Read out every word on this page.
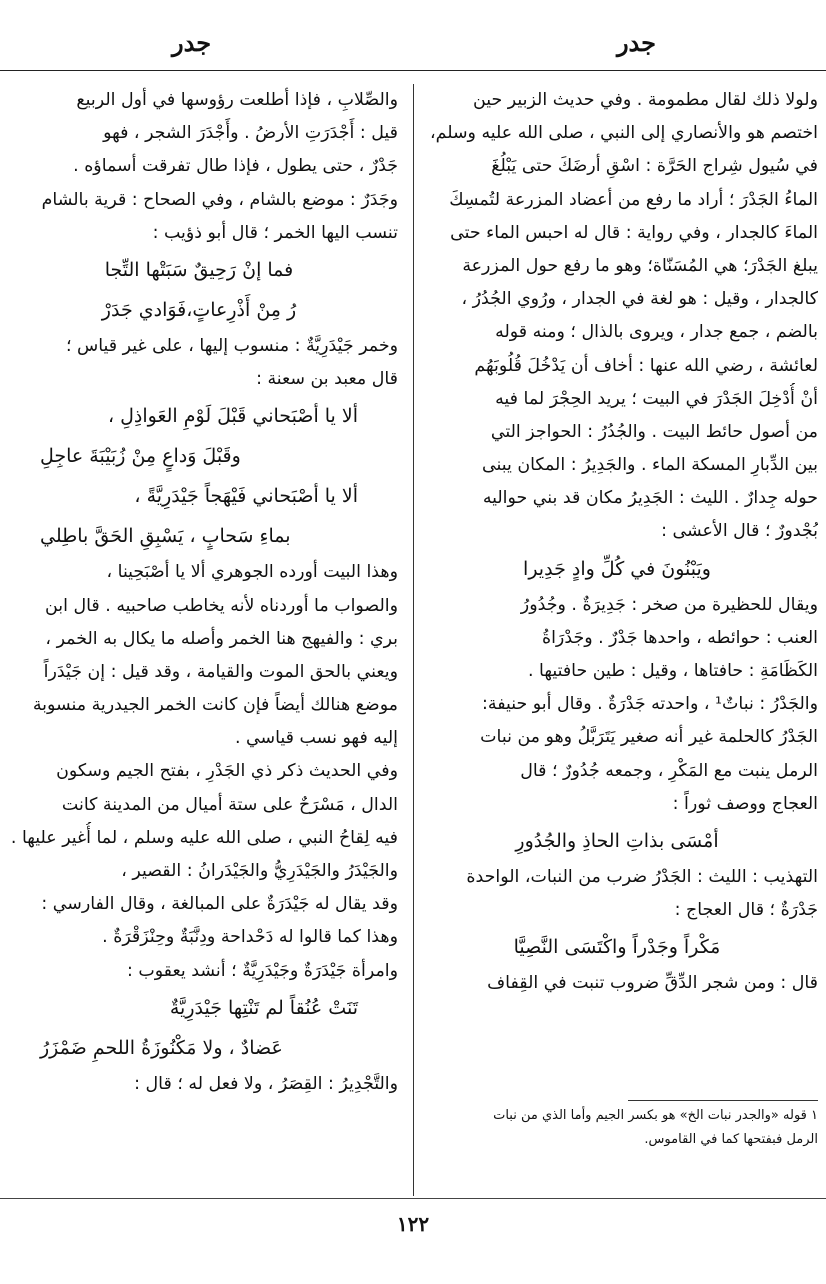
جدر
جدر
ولولا ذلك لقال مطمومة . وفي حديث الزبير حين
اختصم هو والأنصاري إلى النبي ، صلى الله عليه وسلم،
في سُيول شِراج الحَرَّة : اسْقِ أرضَكَ حتى يَبْلُغَ
الماءُ الجَدْرَ ؛ أراد ما رفع من أعضاد المزرعة لتُمسِكَ
الماءَ كالجدار ، وفي رواية : قال له احبس الماء حتى
يبلغ الجَدْرَ؛ هي المُسَنّاة؛ وهو ما رفع حول المزرعة
كالجدار ، وقيل : هو لغة في الجدار ، ورُوي الجُدُرُ ،
بالضم ، جمع جدار ، ويروى بالذال ؛ ومنه قوله
لعائشة ، رضي الله عنها : أخاف أن يَدْخُلَ قُلُوبَهُم
أنْ أُدْخِلَ الجَدْرَ في البيت ؛ يريد الحِجْرَ لما فيه
من أصول حائط البيت . والجُدُرُ : الحواجز التي
بين الدِّبارِ المسكة الماء . والجَدِيرُ : المكان يبنى
حوله جِدارٌ . الليث : الجَدِيرُ مكان قد بني حواليه
بُجْدورٌ ؛ قال الأعشى :
ويَبْنُونَ في كُلِّ وادٍ جَدِيرا
ويقال للحظيرة من صخر : جَدِيرَةٌ . وجُدُورُ
العنب : حوائطه ، واحدها جَدْرٌ . وجَدْرَاةُ
الكَظَامَةِ : حافتاها ، وقيل : طين حافتيها .
والجَدْرُ : نباتٌ¹ ، واحدته جَدْرَةٌ . وقال أبو حنيفة:
الجَدْرُ كالحلمة غير أنه صغير يَتَرَبَّلُ وهو من نبات
الرمل ينبت مع المَكْرِ ، وجمعه جُدُورٌ ؛ قال
العجاج ووصف ثوراً :
أمْسَى بذاتِ الحاذِ والجُدُورِ
التهذيب : الليث : الجَدْرُ ضرب من النبات، الواحدة
جَدْرَةٌ ؛ قال العجاج :
مَكْراً وجَدْراً واكْتَسَى النَّصِيَّا
قال : ومن شجر الدِّقِّ ضروب تنبت في القِفاف
والصِّلابِ ، فإذا أطلعت رؤوسها في أول الربيع
قيل : أَجْدَرَتِ الأرضُ . وأَجْدَرَ الشجر ، فهو
جَدْرٌ ، حتى يطول ، فإذا طال تفرقت أسماؤه .
وجَدَرٌ : موضع بالشام ، وفي الصحاح : قرية بالشام
تنسب اليها الخمر ؛ قال أبو ذؤيب :
فما إنْ رَحِيقٌ سَبَتْها التِّجا
رُ مِنْ أَذْرِعاتٍ،فَوَادي جَدَرْ
وخمر جَيْدَرِيَّةٌ : منسوب إليها ، على غير قياس ؛
قال معبد بن سعنة :
ألا يا أصْبَحاني قَبْلَ لَوْمِ العَواذِلِ ،
وقَبْلَ وَداعٍ مِنْ زُبَيْبَةَ عاجِلِ
ألا يا أصْبَحاني فَيْهَجاً جَيْدَرِيَّةً ،
بماءِ سَحابٍ ، يَسْبِقِ الحَقَّ باطِلي
وهذا البيت أورده الجوهري ألا يا أصْبَحِينا ،
والصواب ما أوردناه لأنه يخاطب صاحبيه . قال ابن
بري : والفيهج هنا الخمر وأصله ما يكال به الخمر ،
ويعني بالحق الموت والقيامة ، وقد قيل : إن جَيْدَراً
موضع هنالك أيضاً فإن كانت الخمر الجيدرية منسوبة
إليه فهو نسب قياسي .
وفي الحديث ذكر ذي الجَدْرِ ، بفتح الجيم وسكون
الدال ، مَسْرَحٌ على ستة أميال من المدينة كانت
فيه لِقاحُ النبي ، صلى الله عليه وسلم ، لما أُغير عليها .
والجَيْدَرُ والجَيْدَرِيُّ والجَيْدَرانُ : القصير ،
وقد يقال له جَيْدَرَةٌ على المبالغة ، وقال الفارسي :
وهذا كما قالوا له دَحْداحة ودِنَّبَةٌ وحِنْزَقْرَةٌ .
وامرأة جَيْدَرَةٌ وجَيْدَرِيَّةٌ ؛ أنشد يعقوب :
تَنَتْ عُنُقاً لم تَنْتِها جَيْدَرِيَّةٌ
عَضادٌ ، ولا مَكْنُوزَةُ اللحمِ ضَمْزَرُ
والتَّجْدِيرُ : القِصَرُ ، ولا فعل له ؛ قال :
١ قوله «والجدر نبات الخ» هو بكسر الجيم وأما الذي من نبات
الرمل فبفتحها كما في القاموس.
١٢٢
